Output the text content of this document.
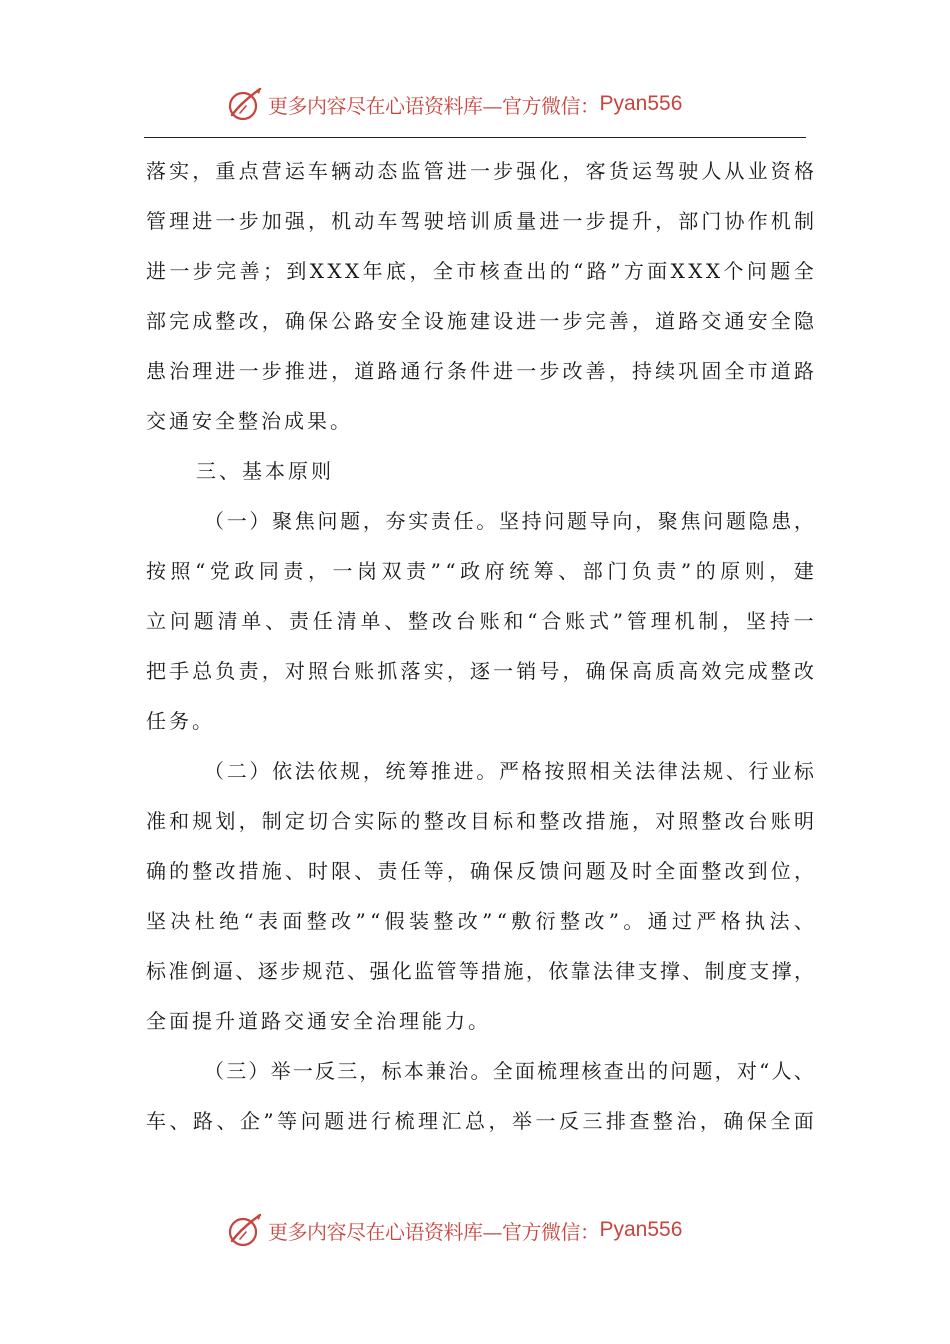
更多内容尽在心语资料库—官方微信： Pyan556
落 实 ， 重 点 营 运 车 辆 动 态 监 管 进 一 步 强 化 ， 客 货 运 驾 驶 人 从 业 资 格
管 理 进 一 步 加 强 ， 机 动 车 驾 驶 培 训 质 量 进 一 步 提 升 ， 部 门 协 作 机 制
进 一 步 完 善 ； 到 X X X 年 底 ， 全 市 核 查 出 的 “ 路 ” 方 面 X X X 个 问 题 全
部 完 成 整 改 ， 确 保 公 路 安 全 设 施 建 设 进 一 步 完 善 ， 道 路 交 通 安 全 隐
患 治 理 进 一 步 推 进 ， 道 路 通 行 条 件 进 一 步 改 善 ， 持 续 巩 固 全 市 道 路
交通安全整治成果。
三、基本原则
（ 一 ） 聚 焦 问 题 ， 夯 实 责 任 。 坚 持 问 题 导 向 ， 聚 焦 问 题 隐 患 ，
按 照 “ 党 政 同 责 ， 一 岗 双 责 ” “ 政 府 统 筹 、 部 门 负 责 ” 的 原 则 ， 建
立 问 题 清 单 、 责 任 清 单 、 整 改 台 账 和 “ 合 账 式 ” 管 理 机 制 ， 坚 持 一
把 手 总 负 责 ， 对 照 台 账 抓 落 实 ， 逐 一 销 号 ， 确 保 高 质 高 效 完 成 整 改
任务。
（ 二 ） 依 法 依 规 ， 统 筹 推 进 。 严 格 按 照 相 关 法 律 法 规 、 行 业 标
准 和 规 划 ， 制 定 切 合 实 际 的 整 改 目 标 和 整 改 措 施 ， 对 照 整 改 台 账 明
确 的 整 改 措 施 、 时 限 、 责 任 等 ， 确 保 反 馈 问 题 及 时 全 面 整 改 到 位 ，
坚 决 杜 绝 “ 表 面 整 改 ” “ 假 装 整 改 ” “ 敷 衍 整 改 ” 。 通 过 严 格 执 法 、
标 准 倒 逼 、 逐 步 规 范 、 强 化 监 管 等 措 施 ， 依 靠 法 律 支 撑 、 制 度 支 撑 ，
全面提升道路交通安全治理能力。
（ 三 ） 举 一 反 三 ， 标 本 兼 治 。 全 面 梳 理 核 查 出 的 问 题 ， 对 “ 人 、
车 、 路 、 企 ” 等 问 题 进 行 梳 理 汇 总 ， 举 一 反 三 排 查 整 治 ， 确 保 全 面
更多内容尽在心语资料库—官方微信： Pyan556
